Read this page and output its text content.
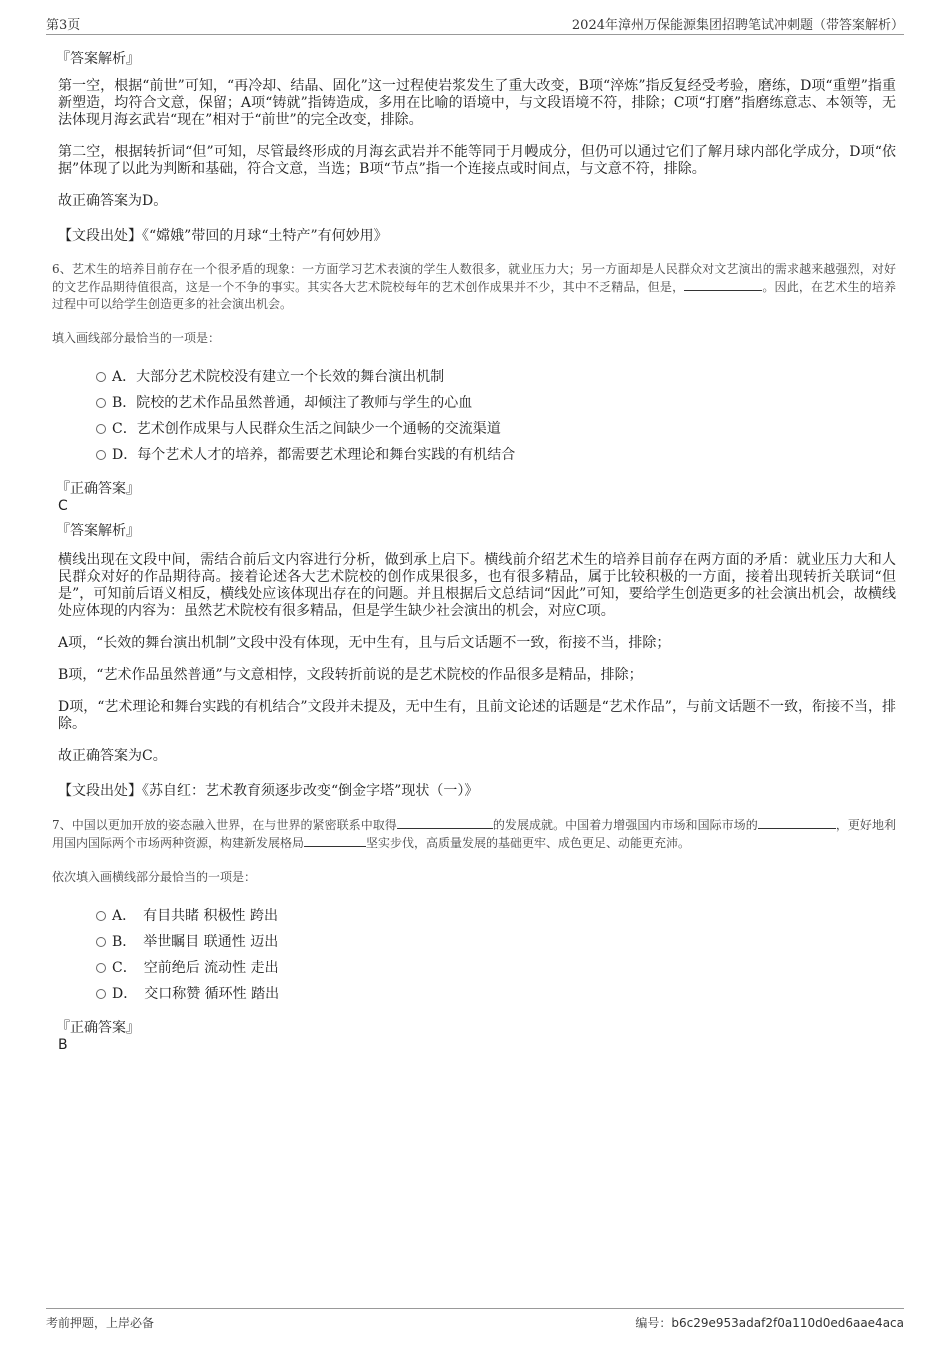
第3页	2024年漳州万保能源集团招聘笔试冲刺题（带答案解析）
『答案解析』

第一空，根据“前世”可知，“再冷却、结晶、固化”这一过程使岩浆发生了重大改变，B项“淬炼”指反复经受考验，磨练，D项“重塑”指重新塑造，均符合文意，保留；A项“铸就”指铸造成，多用在比喻的语境中，与文段语境不符，排除；C项“打磨”指磨练意志、本领等，无法体现月海玄武岩“现在”相对于“前世”的完全改变，排除。

第二空，根据转折词“但”可知，尽管最终形成的月海玄武岩并不能等同于月幔成分，但仍可以通过它们了解月球内部化学成分，D项“依据”体现了以此为判断和基础，符合文意，当选；B项“节点”指一个连接点或时间点，与文意不符，排除。

故正确答案为D。

【文段出处】《“嫦娥”带回的月球“土特产”有何妙用》

6、艺术生的培养目前存在一个很矛盾的现象：一方面学习艺术表演的学生人数很多，就业压力大；另一方面却是人民群众对文艺演出的需求越来越强烈，对好的文艺作品期待值很高，这是一个不争的事实。其实各大艺术院校每年的艺术创作成果并不少，其中不乏精品，但是，	。因此，在艺术生的培养过程中可以给学生创造更多的社会演出机会。

填入画线部分最恰当的一项是：

A．大部分艺术院校没有建立一个长效的舞台演出机制
B．院校的艺术作品虽然普通，却倾注了教师与学生的心血
C．艺术创作成果与人民群众生活之间缺少一个通畅的交流渠道
D．每个艺术人才的培养，都需要艺术理论和舞台实践的有机结合
『正确答案』
C
『答案解析』

横线出现在文段中间，需结合前后文内容进行分析，做到承上启下。横线前介绍艺术生的培养目前存在两方面的矛盾：就业压力大和人民群众对好的作品期待高。接着论述各大艺术院校的创作成果很多，也有很多精品，属于比较积极的一方面，接着出现转折关联词“但是”，可知前后语义相反，横线处应该体现出存在的问题。并且根据后文总结词“因此”可知，要给学生创造更多的社会演出机会，故横线处应体现的内容为：虽然艺术院校有很多精品，但是学生缺少社会演出的机会，对应C项。

A项，“长效的舞台演出机制”文段中没有体现，无中生有，且与后文话题不一致，衔接不当，排除；

B项，“艺术作品虽然普通”与文意相悖，文段转折前说的是艺术院校的作品很多是精品，排除；

D项，“艺术理论和舞台实践的有机结合”文段并未提及，无中生有，且前文论述的话题是“艺术作品”，与前文话题不一致，衔接不当，排除。

故正确答案为C。

【文段出处】《苏自红：艺术教育须逐步改变“倒金字塔”现状（一）》

7、中国以更加开放的姿态融入世界，在与世界的紧密联系中取得	的发展成就。中国着力增强国内市场和国际市场的	，更好地利用国内国际两个市场两种资源，构建新发展格局	坚实步伐，高质量发展的基础更牢、成色更足、动能更充沛。

依次填入画横线部分最恰当的一项是：

A．　有目共睹 积极性 跨出
B．　举世瞩目 联通性 迈出
C．　空前绝后 流动性 走出
D．　交口称赞 循环性 踏出
『正确答案』
B
考前押题，上岸必备	编号：b6c29e953adaf2f0a110d0ed6aae4aca
